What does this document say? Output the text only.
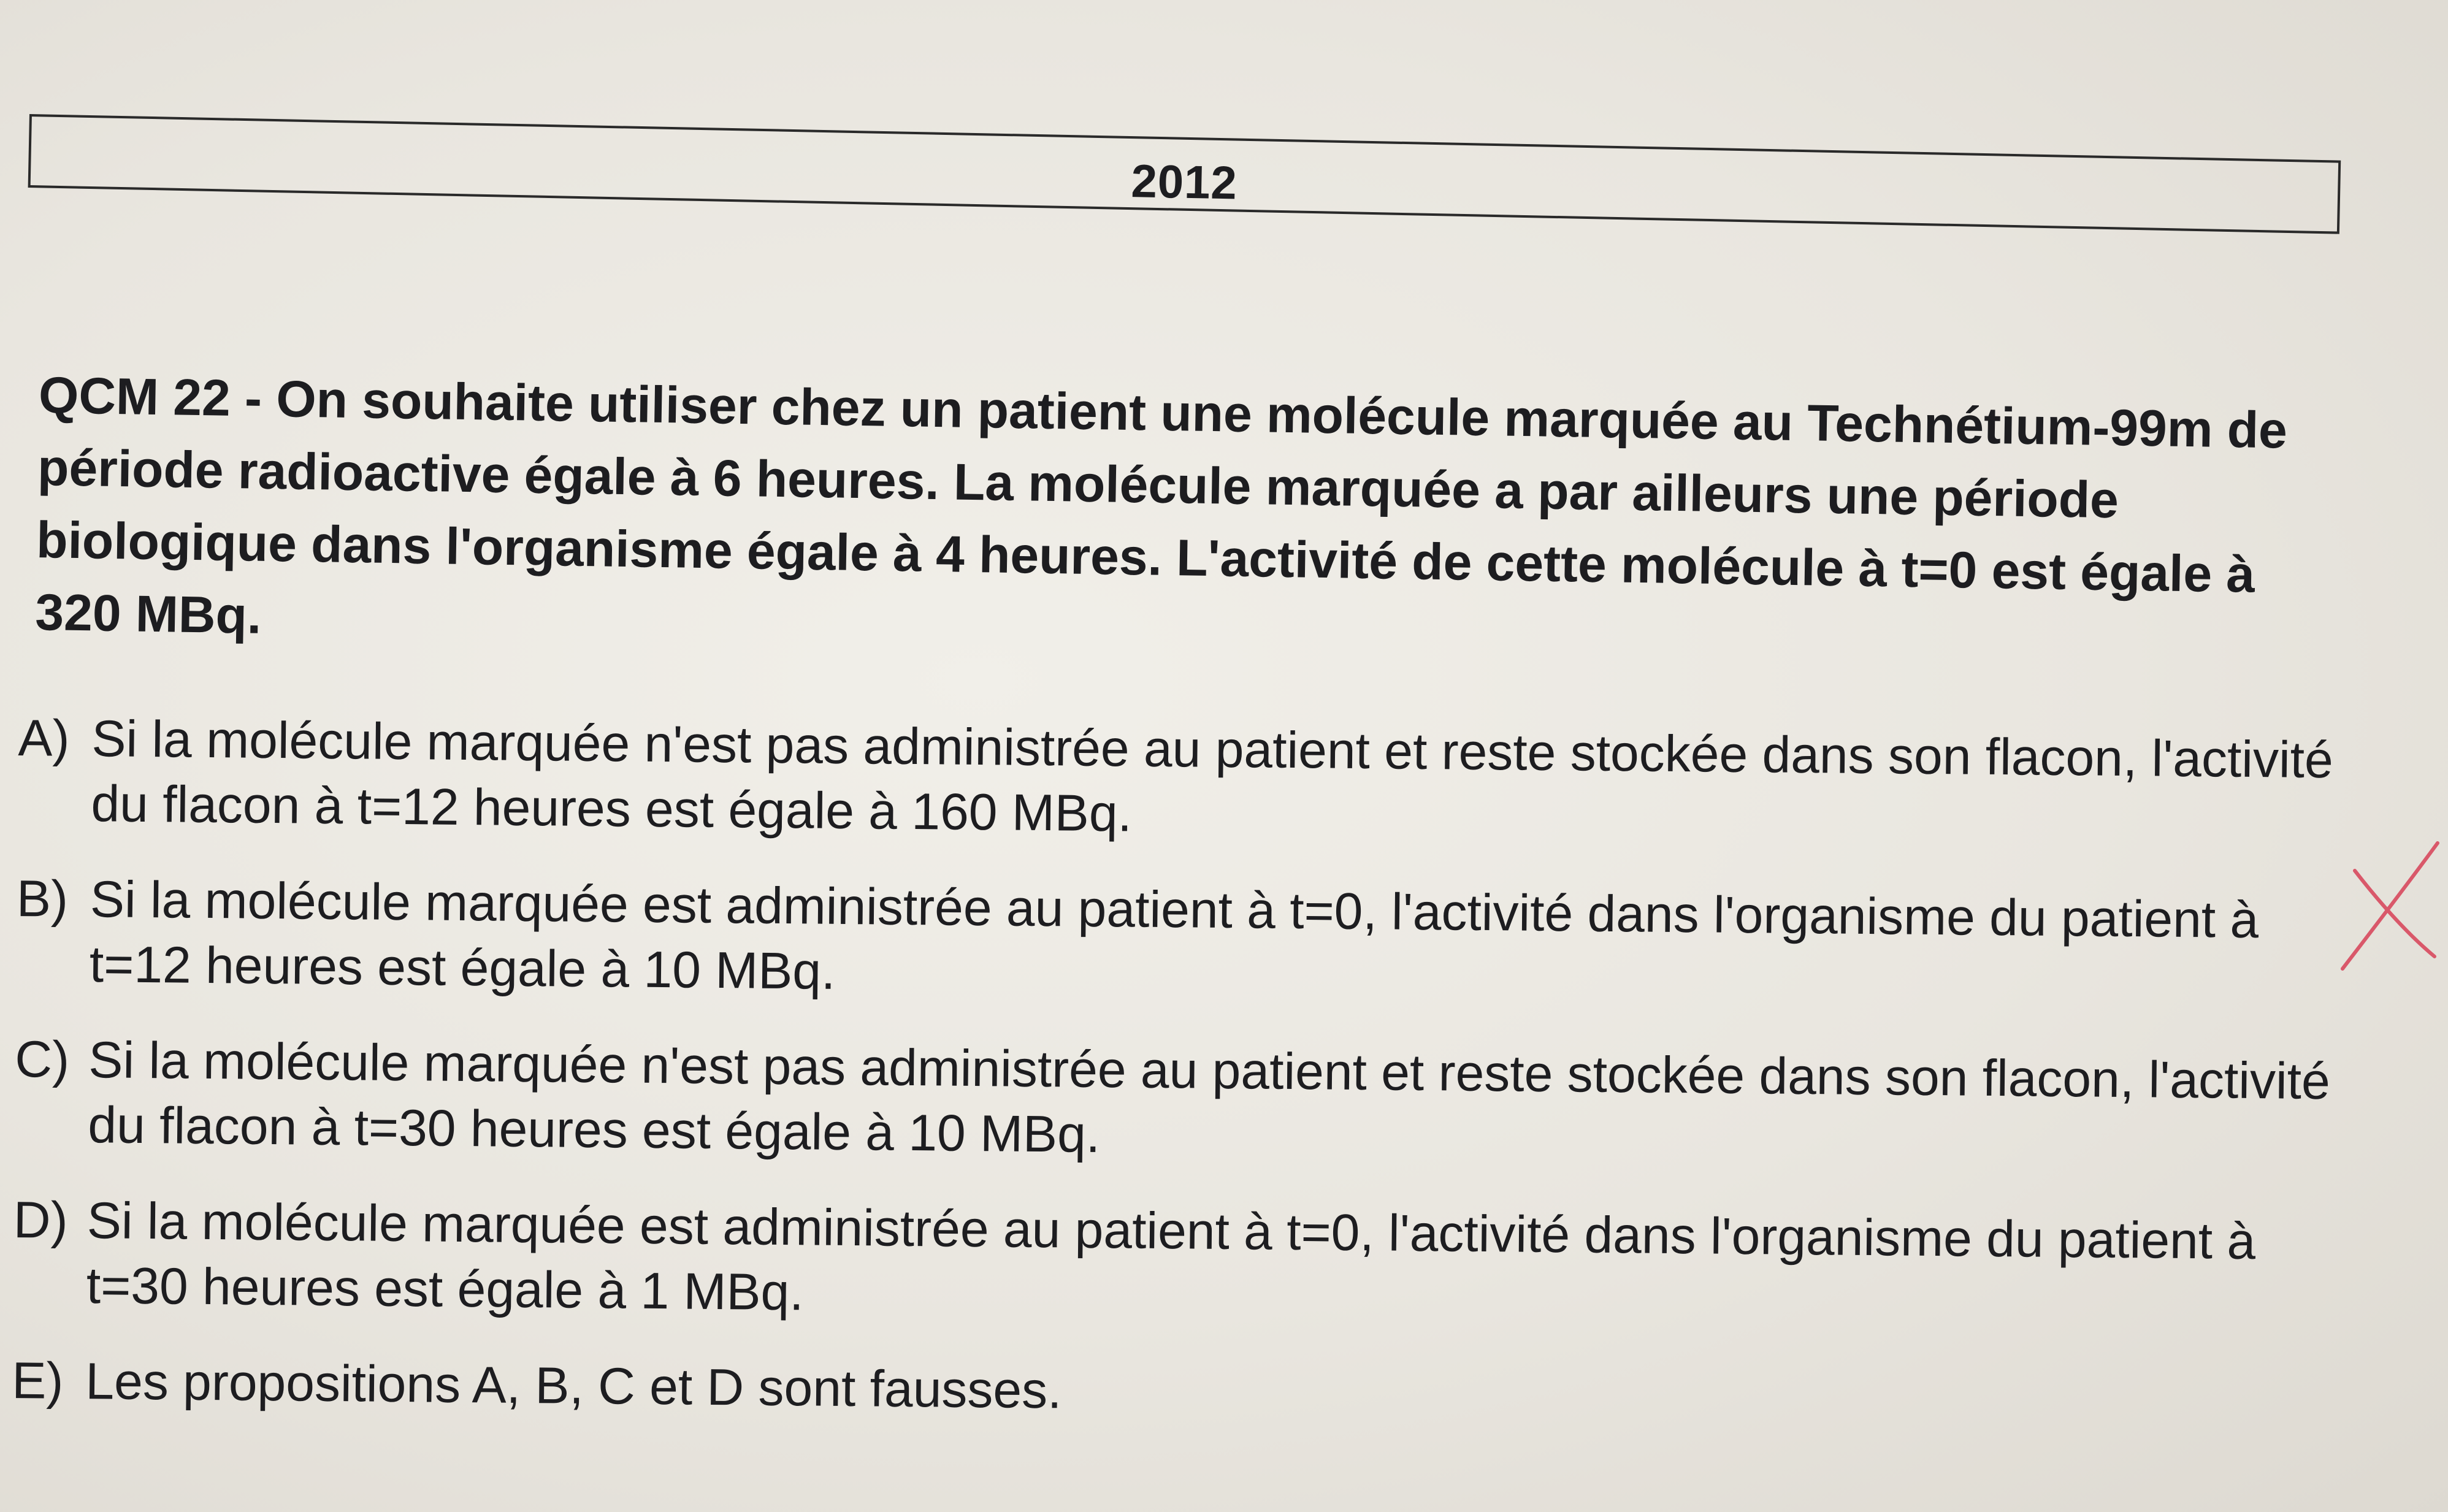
2012
QCM 22 - On souhaite utiliser chez un patient une molécule marquée au Technétium-99m de période radioactive égale à 6 heures. La molécule marquée a par ailleurs une période biologique dans l'organisme égale à 4 heures. L'activité de cette molécule à t=0 est égale à 320 MBq.
A) Si la molécule marquée n'est pas administrée au patient et reste stockée dans son flacon, l'activité du flacon à t=12 heures est égale à 160 MBq.
B) Si la molécule marquée est administrée au patient à t=0, l'activité dans l'organisme du patient à t=12 heures est égale à 10 MBq.
C) Si la molécule marquée n'est pas administrée au patient et reste stockée dans son flacon, l'activité du flacon à t=30 heures est égale à 10 MBq.
D) Si la molécule marquée est administrée au patient à t=0, l'activité dans l'organisme du patient à t=30 heures est égale à 1 MBq.
E) Les propositions A, B, C et D sont fausses.
